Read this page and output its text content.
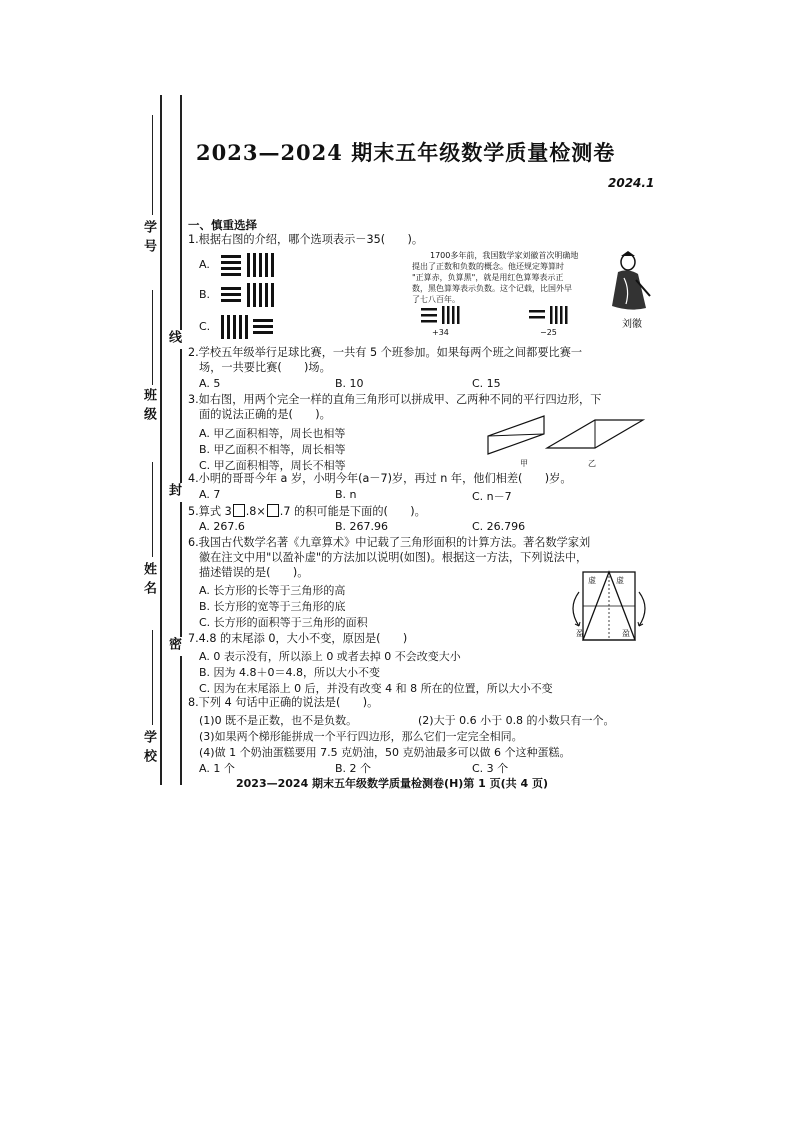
学号
班级
姓名
学校
线
封
密
2023—2024 期末五年级数学质量检测卷
2024.1
一、慎重选择
1.根据右图的介绍，哪个选项表示－35(　　)。
A.
B.
C.
1700多年前，我国数学家刘徽首次明确地
提出了正数和负数的概念。他还规定筹算时
"正算赤，负算黑"，就是用红色算筹表示正
数，黑色算筹表示负数。这个记载，比国外早
了七八百年。
+34	−25
刘徽
2.学校五年级举行足球比赛，一共有 5 个班参加。如果每两个班之间都要比赛一
场，一共要比赛(　　)场。
A. 5	B. 10	C. 15
3.如右图，用两个完全一样的直角三角形可以拼成甲、乙两种不同的平行四边形，下
面的说法正确的是(　　)。
A. 甲乙面积相等，周长也相等
B. 甲乙面积不相等，周长相等
C. 甲乙面积相等，周长不相等	甲	乙
4.小明的哥哥今年 a 岁，小明今年(a－7)岁，再过 n 年，他们相差(　　)岁。
A. 7	B. n	C. n－7
5.算式 3 .8× .7 的积可能是下面的(　　)。
A. 267.6	B. 267.96	C. 26.796
6.我国古代数学名著《九章算术》中记载了三角形面积的计算方法。著名数学家刘
徽在注文中用"以盈补虚"的方法加以说明(如图)。根据这一方法，下列说法中，
描述错误的是(　　)。
A. 长方形的长等于三角形的高
B. 长方形的宽等于三角形的底
C. 长方形的面积等于三角形的面积
虚	虚
盈	盈
7.4.8 的末尾添 0，大小不变，原因是(　　)
A. 0 表示没有，所以添上 0 或者去掉 0 不会改变大小
B. 因为 4.8＋0＝4.8，所以大小不变
C. 因为在末尾添上 0 后，并没有改变 4 和 8 所在的位置，所以大小不变
8.下列 4 句话中正确的说法是(　　)。
(1)0 既不是正数，也不是负数。	(2)大于 0.6 小于 0.8 的小数只有一个。
(3)如果两个梯形能拼成一个平行四边形，那么它们一定完全相同。
(4)做 1 个奶油蛋糕要用 7.5 克奶油，50 克奶油最多可以做 6 个这种蛋糕。
A. 1 个	B. 2 个	C. 3 个
2023—2024 期末五年级数学质量检测卷(H)第 1 页(共 4 页)
